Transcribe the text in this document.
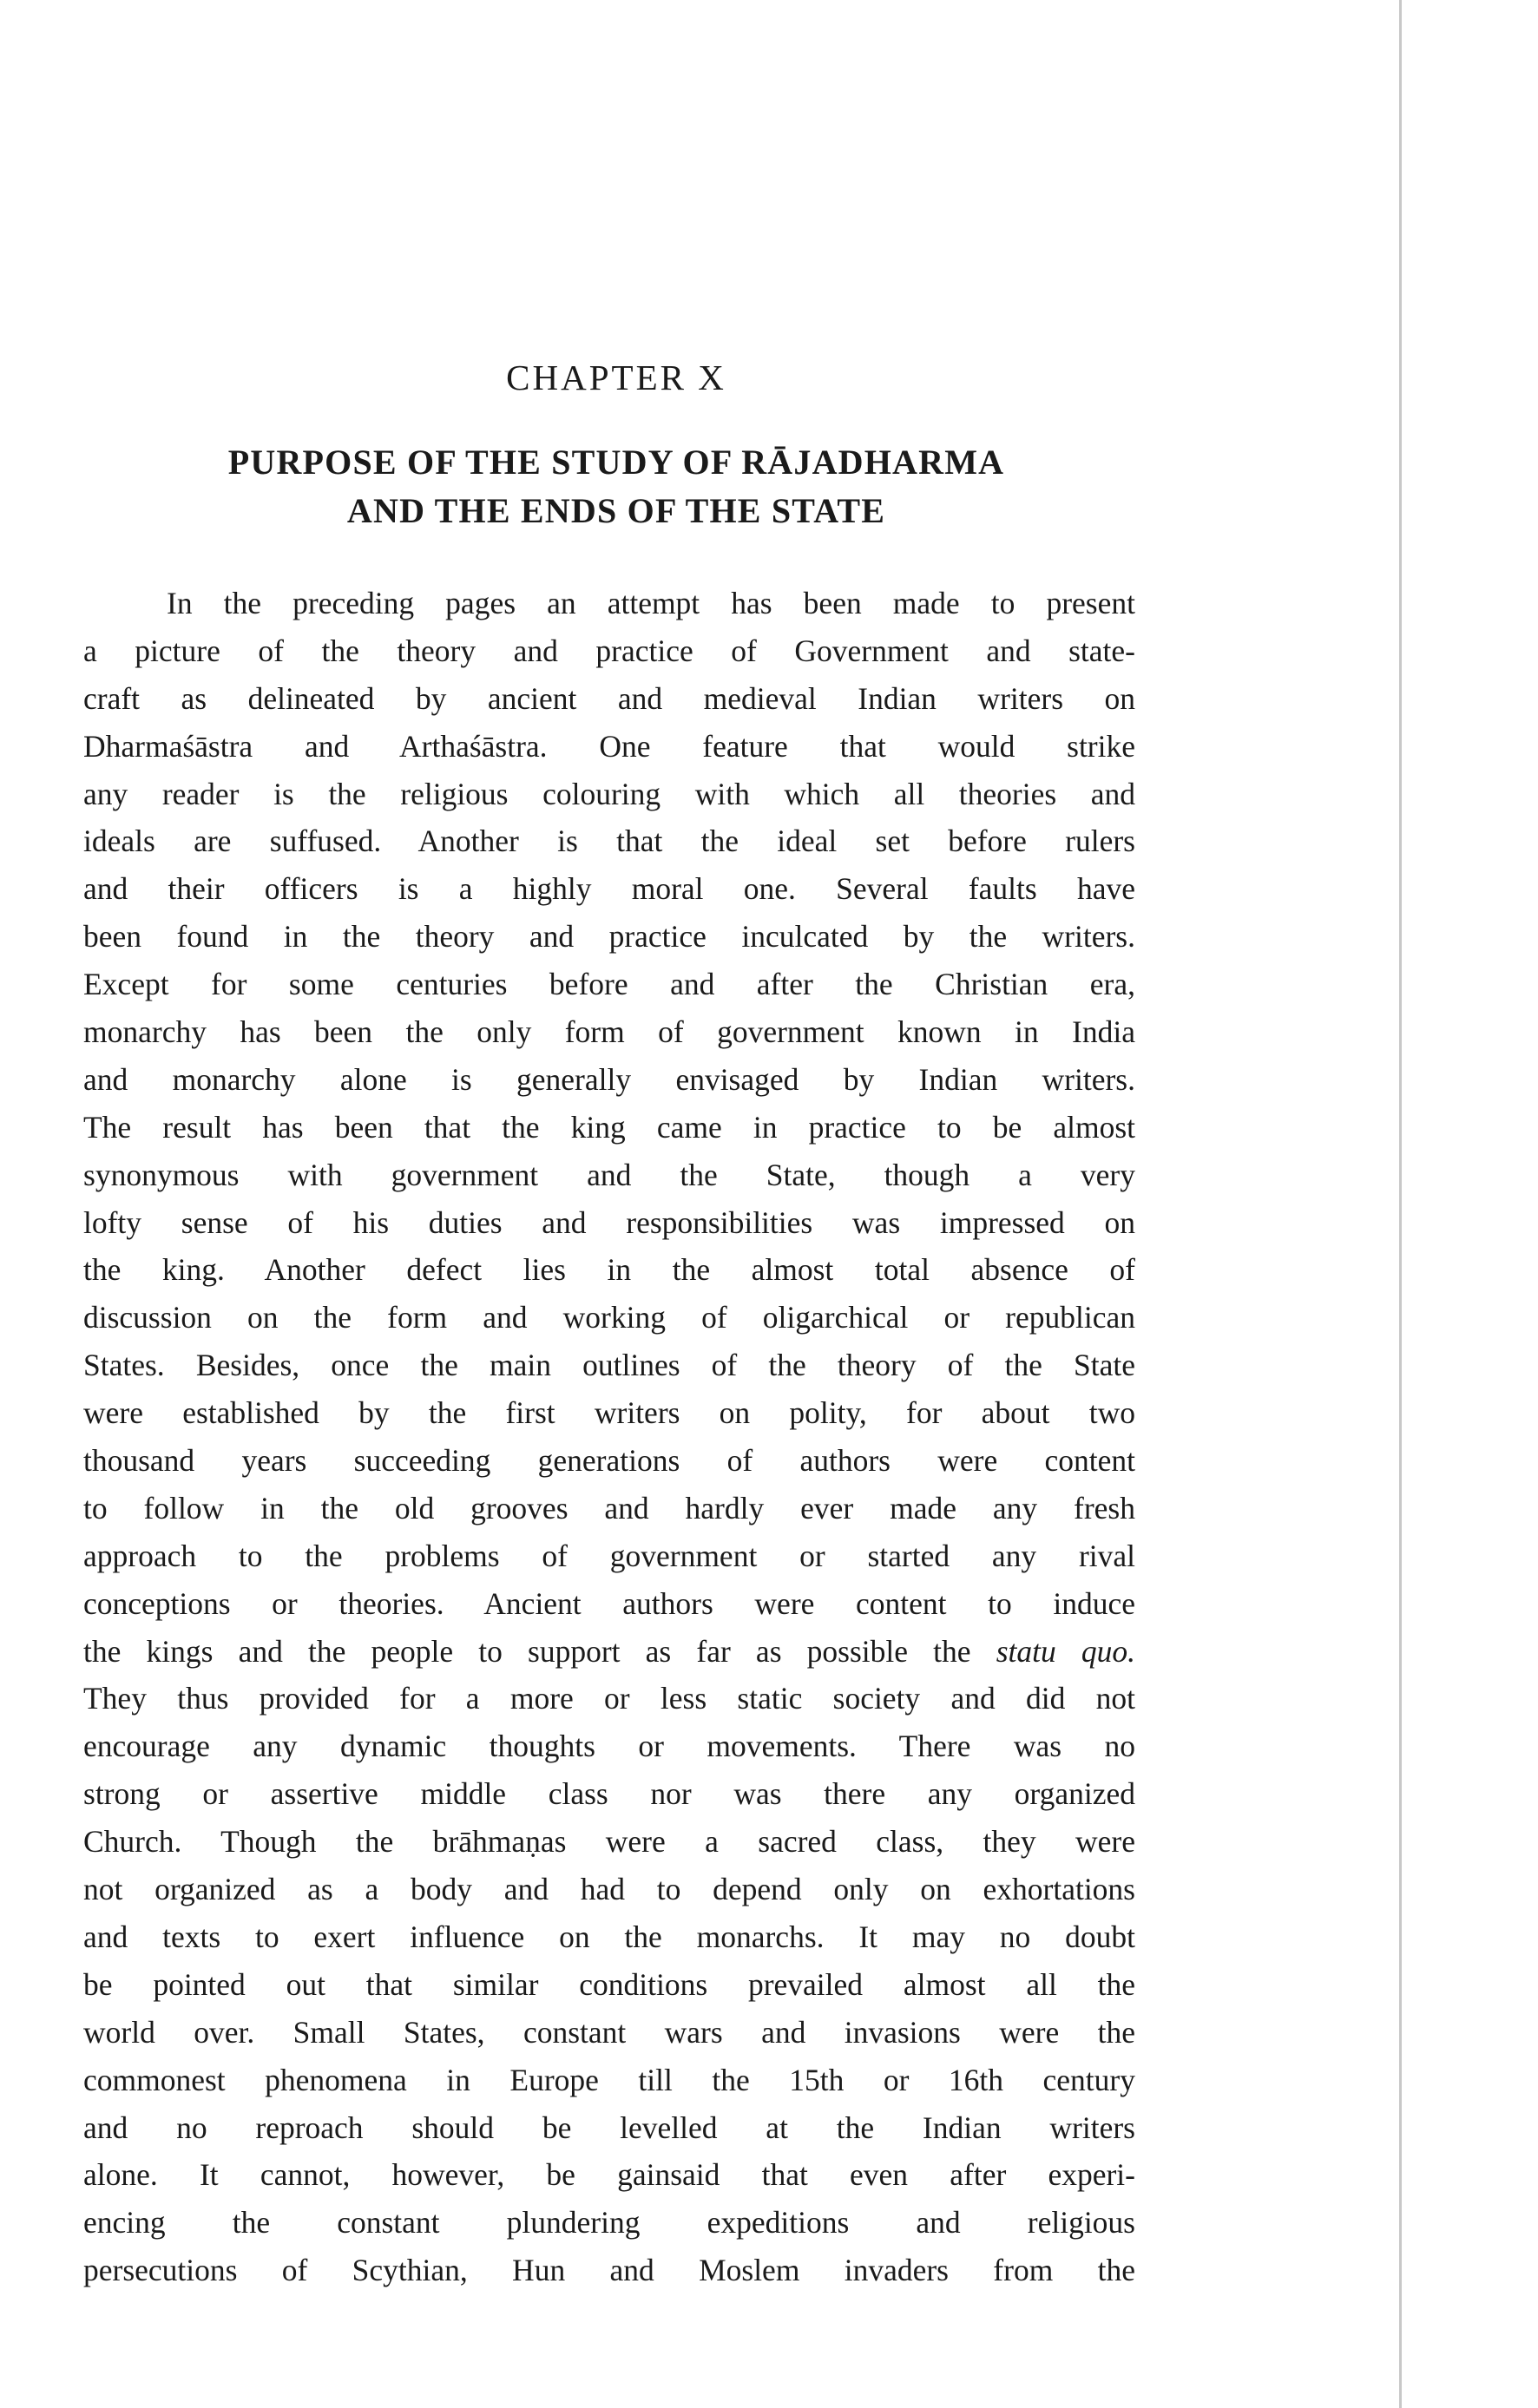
CHAPTER X
PURPOSE OF THE STUDY OF RĀJADHARMA
AND THE ENDS OF THE STATE
In the preceding pages an attempt has been made to present
a picture of the theory and practice of Government and state-
craft as delineated by ancient and medieval Indian writers on
Dharmaśāstra and Arthaśāstra. One feature that would strike
any reader is the religious colouring with which all theories and
ideals are suffused. Another is that the ideal set before rulers
and their officers is a highly moral one. Several faults have
been found in the theory and practice inculcated by the writers.
Except for some centuries before and after the Christian era,
monarchy has been the only form of government known in India
and monarchy alone is generally envisaged by Indian writers.
The result has been that the king came in practice to be almost
synonymous with government and the State, though a very
lofty sense of his duties and responsibilities was impressed on
the king. Another defect lies in the almost total absence of
discussion on the form and working of oligarchical or republican
States. Besides, once the main outlines of the theory of the State
were established by the first writers on polity, for about two
thousand years succeeding generations of authors were content
to follow in the old grooves and hardly ever made any fresh
approach to the problems of government or started any rival
conceptions or theories. Ancient authors were content to induce
the kings and the people to support as far as possible the statu quo.
They thus provided for a more or less static society and did not
encourage any dynamic thoughts or movements. There was no
strong or assertive middle class nor was there any organized
Church. Though the brāhmaṇas were a sacred class, they were
not organized as a body and had to depend only on exhortations
and texts to exert influence on the monarchs. It may no doubt
be pointed out that similar conditions prevailed almost all the
world over. Small States, constant wars and invasions were the
commonest phenomena in Europe till the 15th or 16th century
and no reproach should be levelled at the Indian writers
alone. It cannot, however, be gainsaid that even after experi-
encing the constant plundering expeditions and religious
persecutions of Scythian, Hun and Moslem invaders from the
